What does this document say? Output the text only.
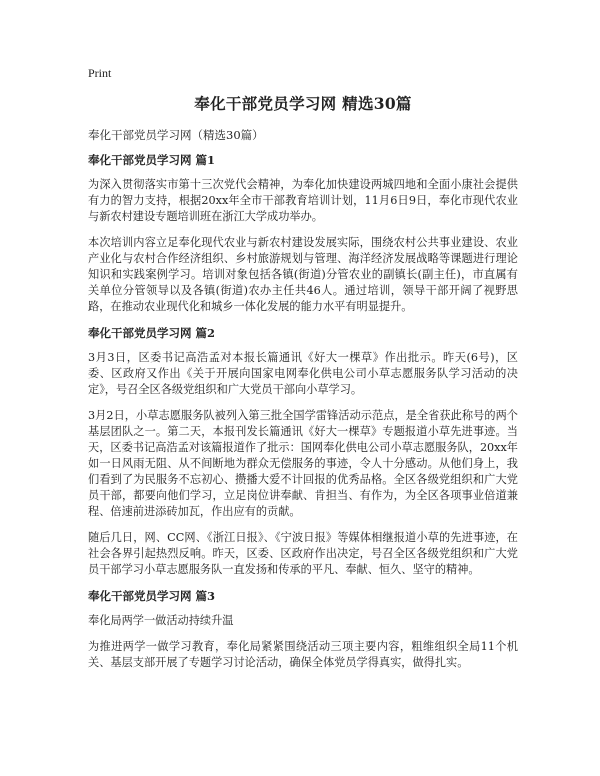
Print
奉化干部党员学习网 精选30篇
奉化干部党员学习网（精选30篇）
奉化干部党员学习网 篇1

为深入贯彻落实市第十三次党代会精神，为奉化加快建设两城四地和全面小康社会提供有力的智力支持，根据20xx年全市干部教育培训计划，11月6日9日，奉化市现代农业与新农村建设专题培训班在浙江大学成功举办。

本次培训内容立足奉化现代农业与新农村建设发展实际，围绕农村公共事业建设、农业产业化与农村合作经济组织、乡村旅游规划与管理、海洋经济发展战略等课题进行理论知识和实践案例学习。培训对象包括各镇(街道)分管农业的副镇长(副主任)，市直属有关单位分管领导以及各镇(街道)农办主任共46人。通过培训，领导干部开阔了视野思路，在推动农业现代化和城乡一体化发展的能力水平有明显提升。

奉化干部党员学习网 篇2

3月3日，区委书记高浩孟对本报长篇通讯《好大一棵草》作出批示。昨天(6号)，区委、区政府又作出《关于开展向国家电网奉化供电公司小草志愿服务队学习活动的决定》，号召全区各级党组织和广大党员干部向小草学习。

3月2日，小草志愿服务队被列入第三批全国学雷锋活动示范点，是全省获此称号的两个基层团队之一。第二天，本报刊发长篇通讯《好大一棵草》专题报道小草先进事迹。当天，区委书记高浩孟对该篇报道作了批示：国网奉化供电公司小草志愿服务队，20xx年如一日风雨无阻、从不间断地为群众无偿服务的事迹，令人十分感动。从他们身上，我们看到了为民服务不忘初心、攒播大爱不计回报的优秀品格。全区各级党组织和广大党员干部，都要向他们学习，立足岗位讲奉献、肯担当、有作为，为全区各项事业倍道兼程、倍速前进添砖加瓦，作出应有的贡献。

随后几日，网、CC网、《浙江日报》、《宁波日报》等媒体相继报道小草的先进事迹，在社会各界引起热烈反响。昨天，区委、区政府作出决定，号召全区各级党组织和广大党员干部学习小草志愿服务队一直发扬和传承的平凡、奉献、恒久、坚守的精神。

奉化干部党员学习网 篇3

奉化局两学一做活动持续升温

为推进两学一做学习教育，奉化局紧紧围绕活动三项主要内容，粗维组织全局11个机关、基层支部开展了专题学习讨论活动，确保全体党员学得真实，做得扎实。
